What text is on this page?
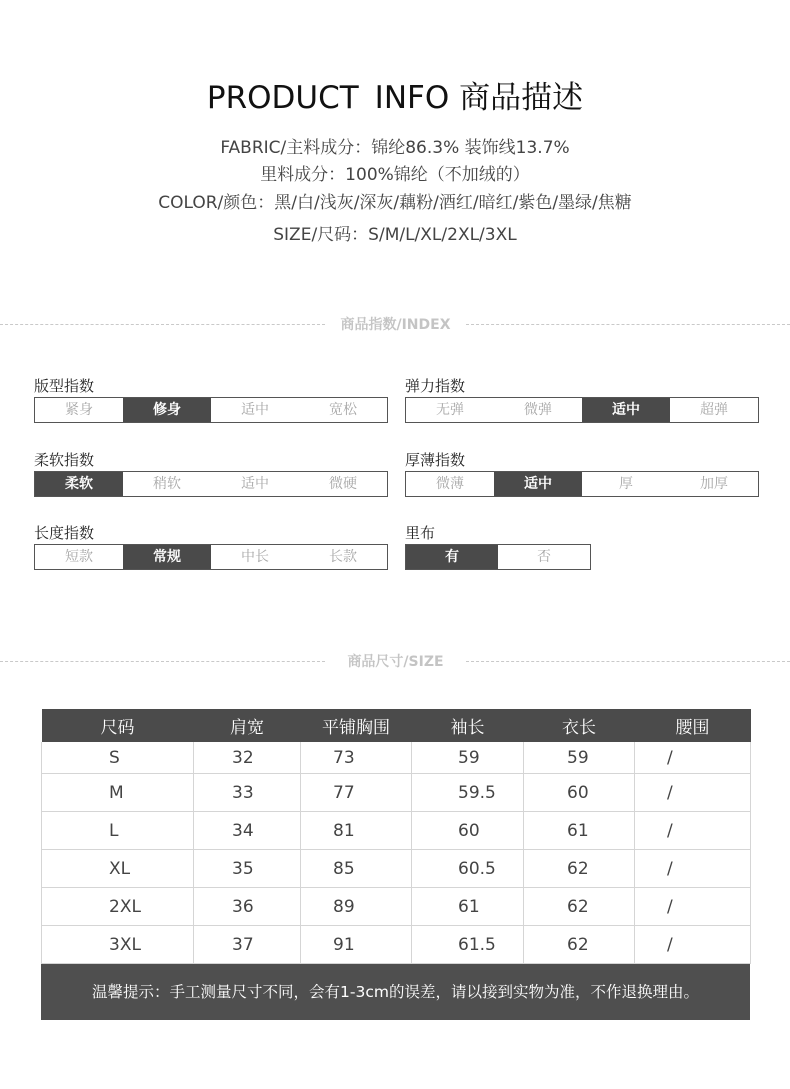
PRODUCT INFO 商品描述
FABRIC/主料成分：锦纶86.3% 装饰线13.7%
里料成分：100%锦纶（不加绒的）
COLOR/颜色：黑/白/浅灰/深灰/藕粉/酒红/暗红/紫色/墨绿/焦糖
SIZE/尺码：S/M/L/XL/2XL/3XL
商品指数/INDEX
版型指数
紧身	修身	适中	宽松
弹力指数
无弹	微弹	适中	超弹
柔软指数
柔软	稍软	适中	微硬
厚薄指数
微薄	适中	厚	加厚
长度指数
短款	常规	中长	长款
里布
有	否
商品尺寸/SIZE
尺码	肩宽	平铺胸围	袖长	衣长	腰围
S	32	73	59	59	/
M	33	77	59.5	60	/
L	34	81	60	61	/
XL	35	85	60.5	62	/
2XL	36	89	61	62	/
3XL	37	91	61.5	62	/
温馨提示：手工测量尺寸不同，会有1-3cm的误差，请以接到实物为准，不作退换理由。
